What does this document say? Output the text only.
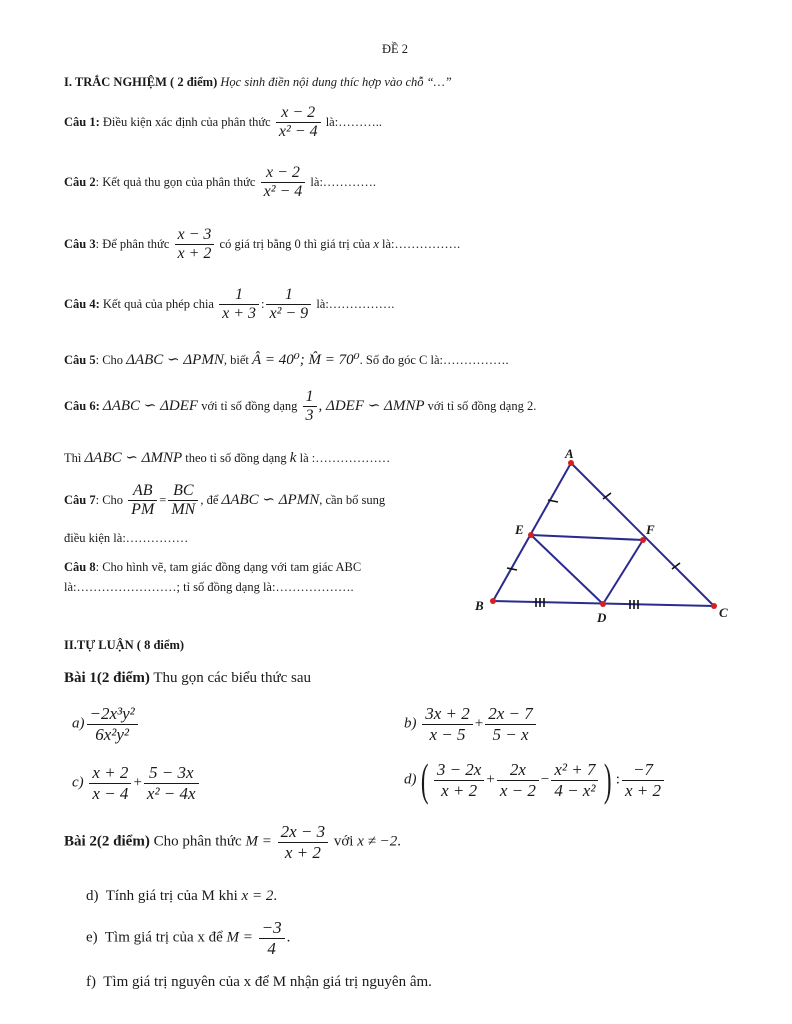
ĐỀ 2
I. TRẮC NGHIỆM ( 2 điểm) Học sinh điền nội dung thíc hợp vào chỗ “…”
Câu 1: Điều kiện xác định của phân thức $\frac{x - 2}{\text{x² − 4}}$ là:………..
Câu 2: Kết quả thu gọn của phân thức $\frac{x - 2}{\text{x² − 4}}$ là:………….
Câu 3: Để phân thức $\frac{x - 3}{x + 2}$ có giá trị bằng 0 thì giá trị của x là:…………….
Câu 4: Kết quả của phép chia $\frac{1}{x + 3}$ : $\frac{1}{\text{x² − 9}}$ là:…………….
Câu 5: Cho ΔABC ∽ ΔPMN, biết Â = 40⁰; M̂ = 70⁰. Số đo góc C là:…………….
Câu 6: ΔABC ∽ ΔDEF với tỉ số đồng dạng $\frac{1}{3}$ , ΔDEF ∽ ΔMNP với tỉ số đồng dạng 2.
Thì ΔABC ∽ ΔMNP theo tỉ số đồng dạng k là :………………
Câu 7: Cho $\frac{AB}{PM} = \frac{BC}{MN}$ , để ΔABC ∽ ΔPMN, cần bổ sung
điều kiện là:……………
Câu 8: Cho hình vẽ, tam giác đồng dạng với tam giác ABC
là:……………………; tỉ số đồng dạng là:……………….
A
B	C
D
E	F
II.TỰ LUẬN ( 8 điểm)
Bài 1(2 điểm) Thu gọn các biểu thức sau
$a) \frac{\text{−2x³y²}}{\text{6x²y²}}$	$b) \frac{3x + 2}{x - 5} + \frac{2x - 7}{5 - x}$
$c) \frac{x + 2}{x - 4} + \frac{5 - 3x}{\text{x² − 4x}}$	$d)( \frac{3 - 2x}{x + 2} + \frac{2x}{x - 2} - \frac{\text{x² + 7}}{\text{4 − x²}}$ ) : $\frac{-7}{x + 2}$
Bài 2(2 điểm) Cho phân thức $M = \frac{2x - 3}{x + 2}$ với x ≠ −2.
d) Tính giá trị của M khi x = 2.
e) Tìm giá trị của x để $M = \frac{-3}{4}$ .
f) Tìm giá trị nguyên của x để M nhận giá trị nguyên âm.
